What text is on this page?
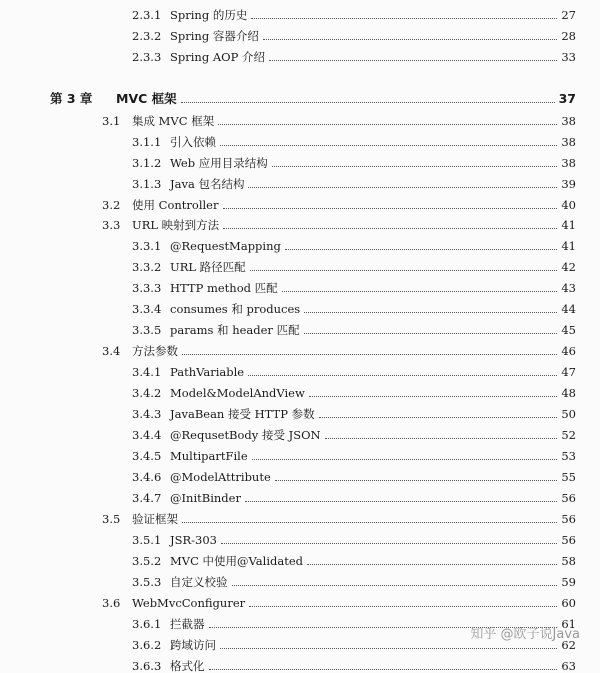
2.3.1 Spring 的历史	27
2.3.2 Spring 容器介绍	28
2.3.3 Spring AOP 介绍	33
第 3 章 MVC 框架	37
3.1 集成 MVC 框架	38
3.1.1 引入依赖	38
3.1.2 Web 应用目录结构	38
3.1.3 Java 包名结构	39
3.2 使用 Controller	40
3.3 URL 映射到方法	41
3.3.1 @RequestMapping	41
3.3.2 URL 路径匹配	42
3.3.3 HTTP method 匹配	43
3.3.4 consumes 和 produces	44
3.3.5 params 和 header 匹配	45
3.4 方法参数	46
3.4.1 PathVariable	47
3.4.2 Model&ModelAndView	48
3.4.3 JavaBean 接受 HTTP 参数	50
3.4.4 @RequsetBody 接受 JSON	52
3.4.5 MultipartFile	53
3.4.6 @ModelAttribute	55
3.4.7 @InitBinder	56
3.5 验证框架	56
3.5.1 JSR-303	56
3.5.2 MVC 中使用@Validated	58
3.5.3 自定义校验	59
3.6 WebMvcConfigurer	60
3.6.1 拦截器	61
3.6.2 跨域访问	62
3.6.3 格式化	63
知乎 @欧子说Java
